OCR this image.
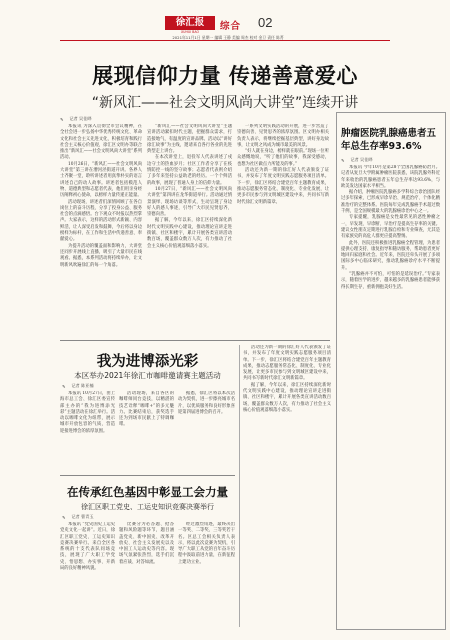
徐汇报	综合 02
XUHUI BAO
2021年11月1日 星期一 编辑 王静 美编 周杰 校对 金卫 责任 陈菁
展现信仰力量 传递善意爱心
“新风汇——社会文明风尚大讲堂”连续开讲
✎ 记者 吴佳晔

本报讯 为深入贯彻全市会议精神，在全社会进一步弘扬中华优秀传统文化、革命文化和社会主义先进文化，积极培育和践行社会主义核心价值观，徐汇区文明办等联合推出“新风汇——社会文明风尚大讲堂”系列活动。

10月26日，“新风汇——社会文明风尚大讲堂”第三讲在漕河泾街道开讲。各界人士齐聚一堂，聆听讲述者用真挚朴实的语言讲述自己的动人故事。讲述者包括模范人物、道德典型和志愿者代表，他们用亲身经历阐释初心使命，以榜样力量传递正能量。

活动现场，讲述者们深情回顾了在各自岗位上的奋斗历程，分享了投身公益、服务社会的点滴感悟。台下观众不时报以热烈掌声。大家表示，这样的活动形式新颖、内容鲜活，让人深受启发和鼓舞，今后将以身边榜样为标杆，在工作和生活中传递善意、奉献爱心。

为提升活动的覆盖面和影响力，大讲堂还同步开展线上直播，吸引了大量市民在线观看。据悉，本系列活动将持续举办，让文明新风吹遍徐汇的每一个角落。

“新风汇——社会文明风尚大讲堂”主题宣讲活动紧扣时代主题，把握群众需求，打造接地气、有温度的宣讲品牌。活动以“讲好徐汇故事”为主线，邀请来自各行各业的先进典型走上讲台。

在本次讲堂上，退役军人代表讲述了戍边守土的热血岁月；社区工作者分享了在疫情防控一线的坚守故事；志愿者代表则介绍了多年来坚持公益助老的经历。一个个鲜活的故事，展现了普通人身上的信仰力量。

10月27日，“新风汇——社会文明风尚大讲堂”第四讲在龙华街道举行。活动通过情景演绎、现场访谈等形式，生动呈现了身边好人的感人事迹，引导广大市民见贤思齐、崇德向善。

据了解，今年以来，徐汇区持续深化新时代文明实践中心建设，推动理论宣讲走进街镇、社区和楼宇，累计开展各类宣讲活动数百场，覆盖群众数万人次，有力推动了社会主义核心价值观落细落小落实。

一系列文明实践活动的开展，进一步营造了崇德向善、见贤思齐的浓厚氛围。区文明办相关负责人表示，将继续挖掘基层典型，讲好身边故事，让文明之风成为城市最美的风景。

“好人就在身边，榜样就在眼前。”现场一位听众感慨地说，“听了他们的故事，我深受感动，也想为社区做点力所能及的事。”

活动还为新一期的徐汇好人代表颁发了证书，并发布了年度文明实践志愿服务项目清单。下一步，徐汇区将结合建党百年主题教育成果，推动志愿服务常态化、制度化、专业化发展，让更多市民参与到文明城区建设中来，共同书写新时代徐汇文明新篇章。

肿瘤医院乳腺癌患者五年总生存率93.6%
✎ 记者 吴佳晔

本报讯 今年10月是第28个全国乳腺癌防治月。记者从复旦大学附属肿瘤医院获悉，该院乳腺外科近年来收治的乳腺癌患者五年总生存率达93.6%，与欧美发达国家水平相当。

据介绍，肿瘤医院乳腺癌多学科综合诊治团队经过多年探索，已形成早诊早治、规范治疗、个体化精准治疗的完整体系。医院每年完成乳腺癌手术超过数千例，是全国规模最大的乳腺癌诊治中心之一。

专家提醒，乳腺癌是女性最常见的恶性肿瘤之一，早发现、早诊断、早治疗是提高生存率的关键。建议女性朋友定期进行乳腺自检和专业筛查，尤其是有家族史的高危人群更应提高警惕。

此外，医院还积极推进乳腺癌全程管理，为患者提供心理支持、康复指导和随访服务，帮助患者更好地回归家庭和社会。近年来，医院还牵头开展了多项国际多中心临床研究，推动乳腺癌诊疗水平不断提升。

“乳腺癌并不可怕，可怕的是延误治疗。”专家表示，随着医学的进步，越来越多的乳腺癌患者能够获得长期生存，重新拥抱美好生活。

我为进博添光彩
本区举办2021年徐汇市咖啡邀请赛主题活动
✎ 记者 陈亚楠

本报讯 10月27日，由上海市总工会、徐汇区委宣传部主办的“我为进博添光彩”主题活动在徐汇举行。活动以咖啡文化为纽带，展示城市开放包容的气质，营造迎接进博会的浓厚氛围。

活动现场，来自各区的咖啡师同台竞技，以精湛的技艺诠释“咖啡+”的多元魅力。比赛结束后，获奖选手还为到场市民献上了特调咖啡。

据悉，徐汇区将以本次活动为契机，进一步擦亮城市名片，以优质服务和良好形象喜迎第四届进博会的召开。

活动还为新一期的徐汇好人代表颁发了证书，并发布了年度文明实践志愿服务项目清单。下一步，徐汇区将结合建党百年主题教育成果，推动志愿服务常态化、制度化、专业化发展，让更多市民参与到文明城区建设中来，共同书写新时代徐汇文明新篇章。

据了解，今年以来，徐汇区持续深化新时代文明实践中心建设，推动理论宣讲走进街镇、社区和楼宇，累计开展各类宣讲活动数百场，覆盖群众数万人次，有力推动了社会主义核心价值观落细落小落实。

在传承红色基因中彰显工会力量
徐汇区职工党史、工运史知识竞赛决赛举行
✎ 记者 曹青玉

本报讯 “党史国史工运史 党史文化一起讲”。近日，徐汇区职工党史、工运史知识竞赛决赛举行。来自全区各系统的十支代表队同场竞技，展现了广大职工学党史、悟思想、办实事、开新局的良好精神风貌。

比赛分为必答题、抢答题和风险题等环节，题目涵盖党史、新中国史、改革开放史、社会主义发展史以及中国工人运动史等内容。现场气氛紧张热烈，选手们沉着应战、对答如流。

经过激烈角逐，最终决出一等奖、二等奖、三等奖若干名。区总工会相关负责人表示，将以此次竞赛为契机，引导广大职工从党的百年奋斗历程中汲取前进力量，在新征程上建功立业。
